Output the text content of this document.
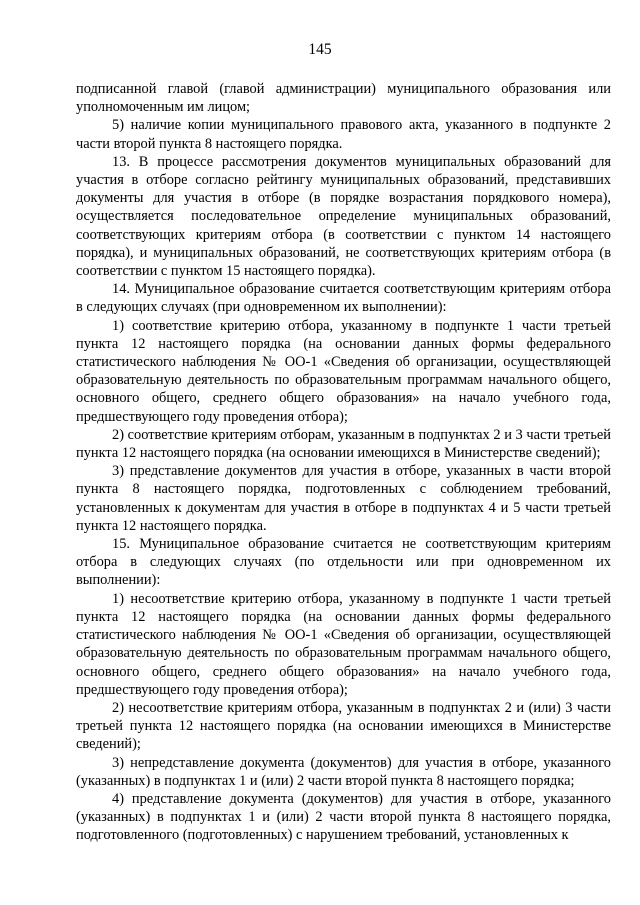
145

подписанной главой (главой администрации) муниципального образования или уполномоченным им лицом;

5) наличие копии муниципального правового акта, указанного в подпункте 2 части второй пункта 8 настоящего порядка.

13. В процессе рассмотрения документов муниципальных образований для участия в отборе согласно рейтингу муниципальных образований, представивших документы для участия в отборе (в порядке возрастания порядкового номера), осуществляется последовательное определение муниципальных образований, соответствующих критериям отбора (в соответствии с пунктом 14 настоящего порядка), и муниципальных образований, не соответствующих критериям отбора (в соответствии с пунктом 15 настоящего порядка).

14. Муниципальное образование считается соответствующим критериям отбора в следующих случаях (при одновременном их выполнении):

1) соответствие критерию отбора, указанному в подпункте 1 части третьей пункта 12 настоящего порядка (на основании данных формы федерального статистического наблюдения № ОО-1 «Сведения об организации, осуществляющей образовательную деятельность по образовательным программам начального общего, основного общего, среднего общего образования» на начало учебного года, предшествующего году проведения отбора);

2) соответствие критериям отборам, указанным в подпунктах 2 и 3 части третьей пункта 12 настоящего порядка (на основании имеющихся в Министерстве сведений);

3) представление документов для участия в отборе, указанных в части второй пункта 8 настоящего порядка, подготовленных с соблюдением требований, установленных к документам для участия в отборе в подпунктах 4 и 5 части третьей пункта 12 настоящего порядка.

15. Муниципальное образование считается не соответствующим критериям отбора в следующих случаях (по отдельности или при одновременном их выполнении):

1) несоответствие критерию отбора, указанному в подпункте 1 части третьей пункта 12 настоящего порядка (на основании данных формы федерального статистического наблюдения № ОО-1 «Сведения об организации, осуществляющей образовательную деятельность по образовательным программам начального общего, основного общего, среднего общего образования» на начало учебного года, предшествующего году проведения отбора);

2) несоответствие критериям отбора, указанным в подпунктах 2 и (или) 3 части третьей пункта 12 настоящего порядка (на основании имеющихся в Министерстве сведений);

3) непредставление документа (документов) для участия в отборе, указанного (указанных) в подпунктах 1 и (или) 2 части второй пункта 8 настоящего порядка;

4) представление документа (документов) для участия в отборе, указанного (указанных) в подпунктах 1 и (или) 2 части второй пункта 8 настоящего порядка, подготовленного (подготовленных) с нарушением требований, установленных к
